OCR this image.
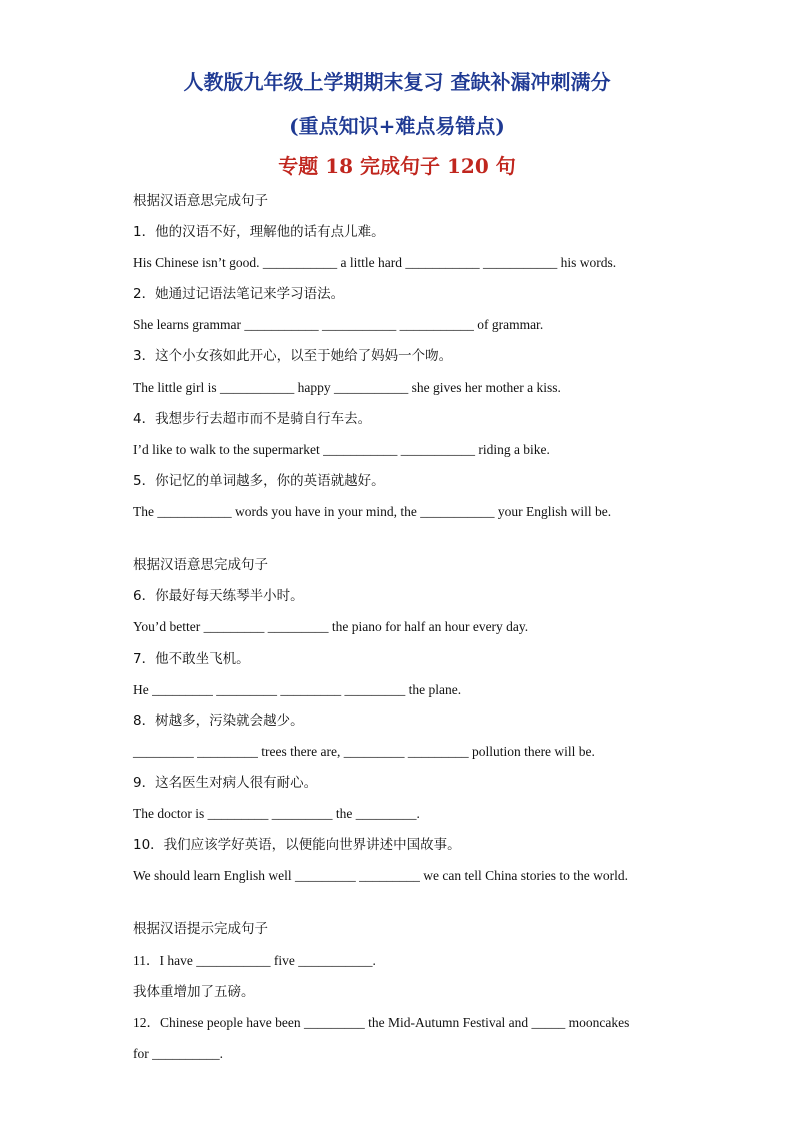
人教版九年级上学期期末复习 查缺补漏冲刺满分
(重点知识+难点易错点)
专题 18 完成句子 120 句
根据汉语意思完成句子
1．他的汉语不好，理解他的话有点儿难。
His Chinese isn’t good. ___________ a little hard ___________ ___________ his words.
2．她通过记语法笔记来学习语法。
She learns grammar ___________ ___________ ___________ of grammar.
3．这个小女孩如此开心，以至于她给了妈妈一个吻。
The little girl is ___________ happy ___________ she gives her mother a kiss.
4．我想步行去超市而不是骑自行车去。
I’d like to walk to the supermarket ___________ ___________ riding a bike.
5．你记忆的单词越多，你的英语就越好。
The ___________ words you have in your mind, the ___________ your English will be.
根据汉语意思完成句子
6．你最好每天练琴半小时。
You’d better _________ _________ the piano for half an hour every day.
7．他不敢坐飞机。
He _________ _________ _________ _________ the plane.
8．树越多，污染就会越少。
_________ _________ trees there are, _________ _________ pollution there will be.
9．这名医生对病人很有耐心。
The doctor is _________ _________ the _________.
10．我们应该学好英语，以便能向世界讲述中国故事。
We should learn English well _________ _________ we can tell China stories to the world.
根据汉语提示完成句子
11．I have ___________ five ___________.
我体重增加了五磅。
12．Chinese people have been _________ the Mid-Autumn Festival and _____ mooncakes
for __________.
